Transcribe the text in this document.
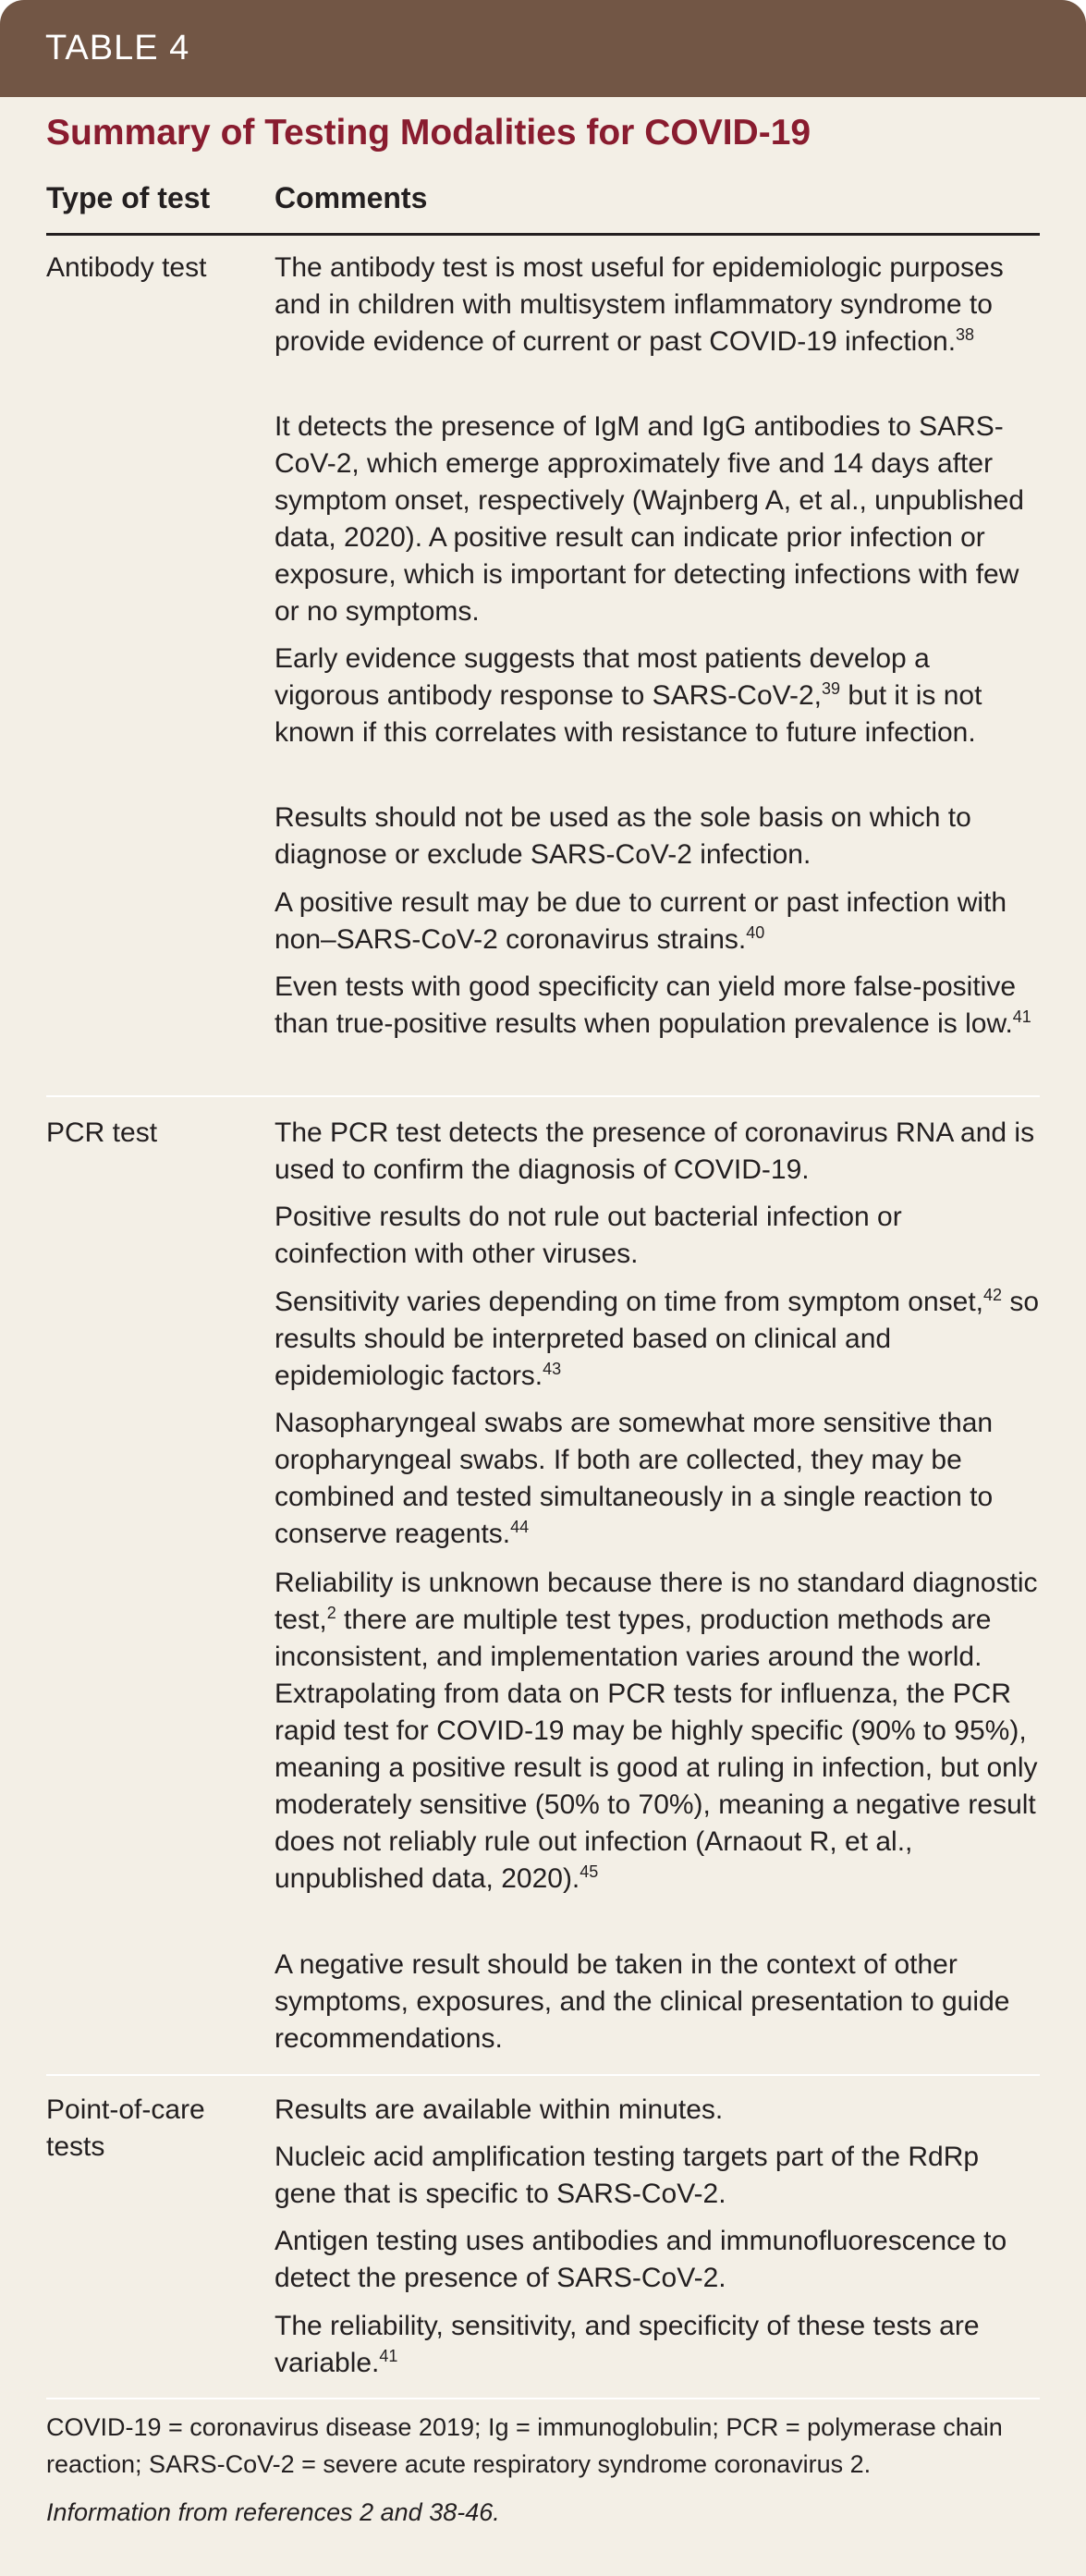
TABLE 4
Summary of Testing Modalities for COVID-19
Type of test Comments
Antibody test	The antibody test is most useful for epidemiologic purposes and in children with multisystem inflammatory syndrome to provide evidence of current or past COVID-19 infection.$^{38}$
It detects the presence of IgM and IgG antibodies to SARS-CoV-2, which emerge approximately five and 14 days after symptom onset, respectively (Wajnberg A, et al., unpublished data, 2020). A positive result can indicate prior infection or exposure, which is important for detecting infections with few or no symptoms.
Early evidence suggests that most patients develop a vigorous antibody response to SARS-CoV-2,39 but it is not known if this correlates with resistance to future infection.
Results should not be used as the sole basis on which to diagnose or exclude SARS-CoV-2 infection.
A positive result may be due to current or past infection with non–SARS-CoV-2 coronavirus strains.$^{40}$
Even tests with good specificity can yield more false-positive than true-positive results when population prevalence is low.$^{41}$
PCR test	The PCR test detects the presence of coronavirus RNA and is used to confirm the diagnosis of COVID-19.
Positive results do not rule out bacterial infection or coinfection with other viruses.
Sensitivity varies depending on time from symptom onset,$^{42}$ so results should be interpreted based on clinical and epidemiologic factors.$^{43}$
Nasopharyngeal swabs are somewhat more sensitive than oropharyngeal swabs. If both are collected, they may be combined and tested simultaneously in a single reaction to conserve reagents.$^{44}$
Reliability is unknown because there is no standard diagnostic test,$^2$ there are multiple test types, production methods are inconsistent, and implementation varies around the world. Extrapolating from data on PCR tests for influenza, the PCR rapid test for COVID-19 may be highly specific (90% to 95%), meaning a positive result is good at ruling in infection, but only moderately sensitive (50% to 70%), meaning a negative result does not reliably rule out infection (Arnaout R, et al., unpublished data, 2020).$^{45}$
A negative result should be taken in the context of other symptoms, exposures, and the clinical presentation to guide recommendations.
Point-of-care tests
Results are available within minutes.
Nucleic acid amplification testing targets part of the RdRp gene that is specific to SARS-CoV-2.
Antigen testing uses antibodies and immunofluorescence to detect the presence of SARS-CoV-2.
The reliability, sensitivity, and specificity of these tests are variable.$^{41}$
COVID-19 = coronavirus disease 2019; Ig = immunoglobulin; PCR = polymerase chain reaction; SARS-CoV-2 = severe acute respiratory syndrome coronavirus 2.
Information from references 2 and 38-46.
